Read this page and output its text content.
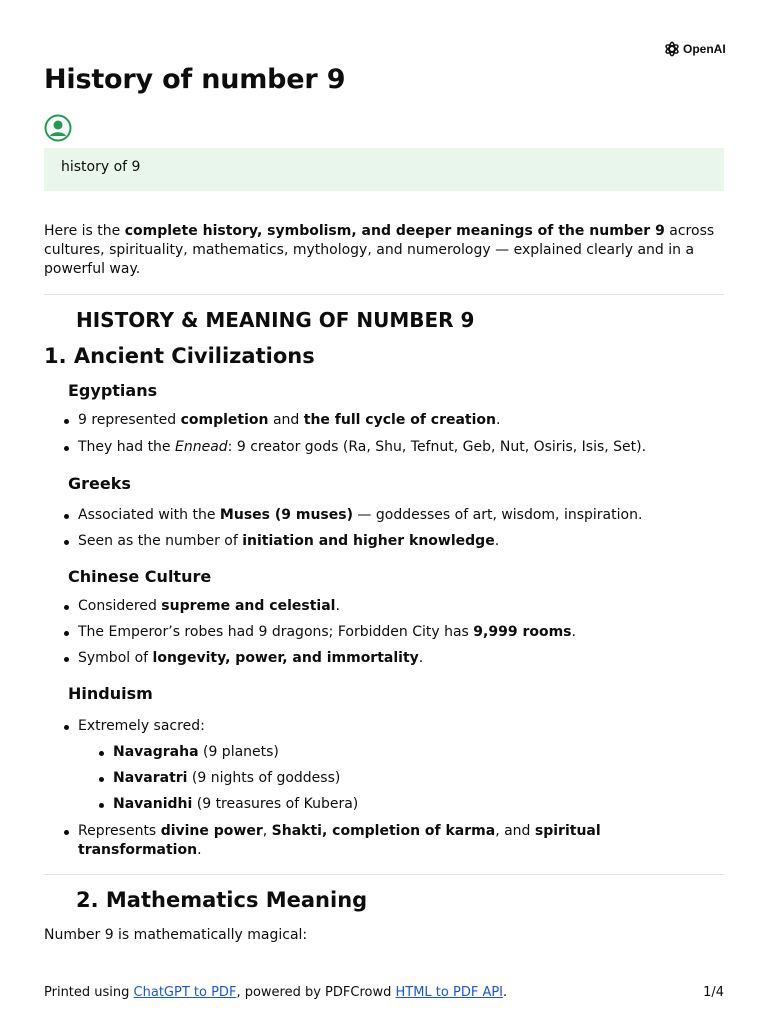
OpenAI
History of number 9
history of 9

Here is the complete history, symbolism, and deeper meanings of the number 9 across cultures, spirituality, mathematics, mythology, and numerology — explained clearly and in a powerful way.

HISTORY & MEANING OF NUMBER 9
1. Ancient Civilizations
Egyptians
9 represented completion and the full cycle of creation.
They had the Ennead: 9 creator gods (Ra, Shu, Tefnut, Geb, Nut, Osiris, Isis, Set).
Greeks
Associated with the Muses (9 muses) — goddesses of art, wisdom, inspiration.
Seen as the number of initiation and higher knowledge.
Chinese Culture
Considered supreme and celestial.
The Emperor’s robes had 9 dragons; Forbidden City has 9,999 rooms.
Symbol of longevity, power, and immortality.
Hinduism
Extremely sacred:
Navagraha (9 planets)
Navaratri (9 nights of goddess)
Navanidhi (9 treasures of Kubera)
Represents divine power, Shakti, completion of karma, and spiritual transformation.
2. Mathematics Meaning

Number 9 is mathematically magical:

Printed using ChatGPT to PDF, powered by PDFCrowd HTML to PDF API.	1/4
